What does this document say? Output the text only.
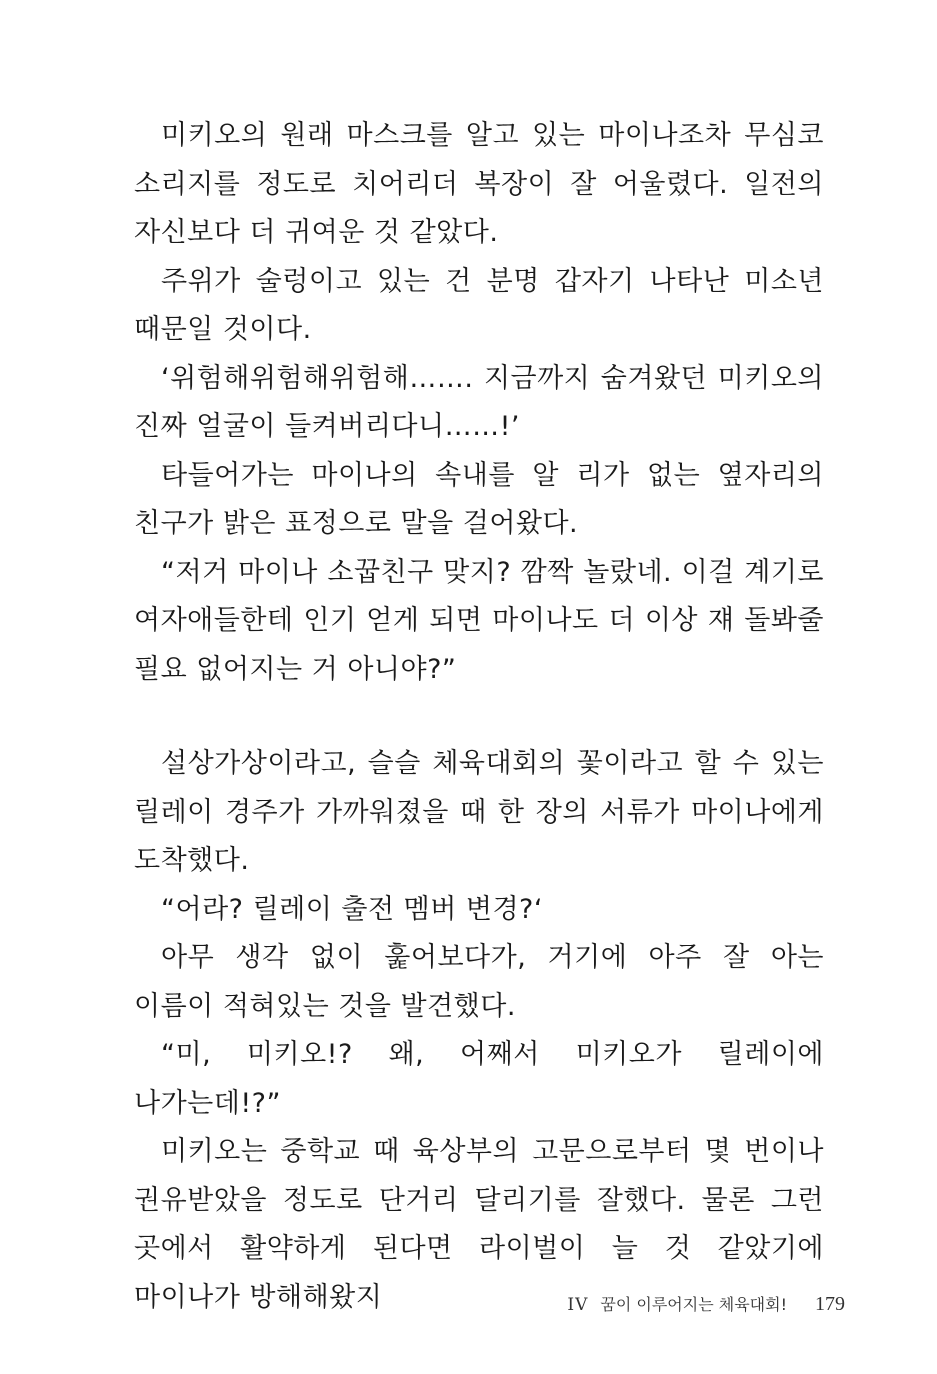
미키오의 원래 마스크를 알고 있는 마이나조차 무심코 소리지를 정도로 치어리더 복장이 잘 어울렸다. 일전의 자신보다 더 귀여운 것 같았다.

주위가 술렁이고 있는 건 분명 갑자기 나타난 미소년 때문일 것이다.

‘위험해위험해위험해……. 지금까지 숨겨왔던 미키오의 진짜 얼굴이 들켜버리다니……!’

타들어가는 마이나의 속내를 알 리가 없는 옆자리의 친구가 밝은 표정으로 말을 걸어왔다.

“저거 마이나 소꿉친구 맞지? 깜짝 놀랐네. 이걸 계기로 여자애들한테 인기 얻게 되면 마이나도 더 이상 쟤 돌봐줄 필요 없어지는 거 아니야?”

설상가상이라고, 슬슬 체육대회의 꽃이라고 할 수 있는 릴레이 경주가 가까워졌을 때 한 장의 서류가 마이나에게 도착했다.

“어라? 릴레이 출전 멤버 변경?‘

아무 생각 없이 훑어보다가, 거기에 아주 잘 아는 이름이 적혀있는 것을 발견했다.

“미, 미키오!? 왜, 어째서 미키오가 릴레이에 나가는데!?”

미키오는 중학교 때 육상부의 고문으로부터 몇 번이나 권유받았을 정도로 단거리 달리기를 잘했다. 물론 그런 곳에서 활약하게 된다면 라이벌이 늘 것 같았기에 마이나가 방해해왔지	IV 꿈이 이루어지는 체육대회! 179
